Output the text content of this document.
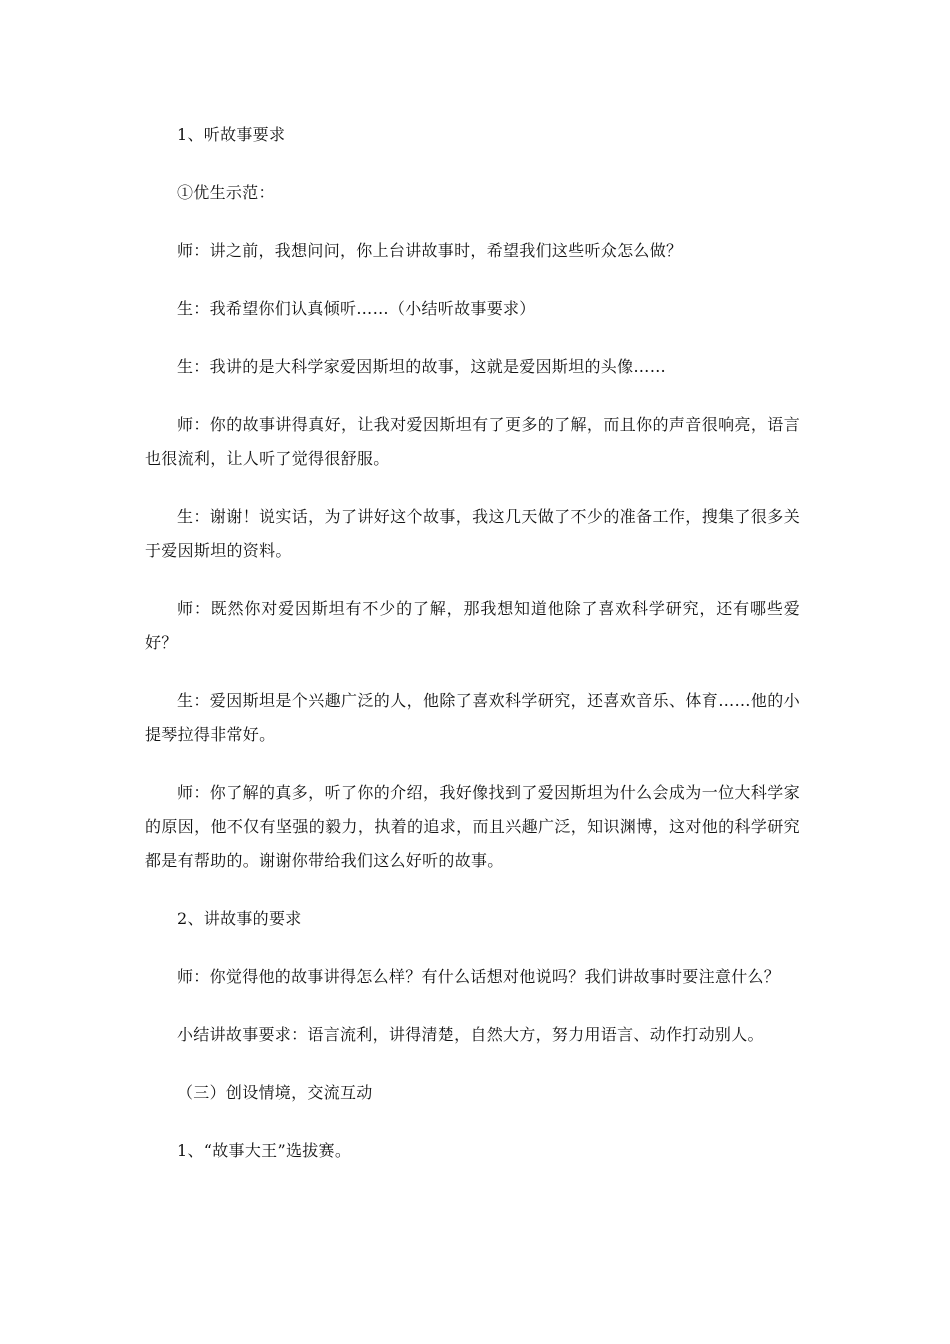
1、听故事要求

①优生示范：

师：讲之前，我想问问，你上台讲故事时，希望我们这些听众怎么做？

生：我希望你们认真倾听……（小结听故事要求）

生：我讲的是大科学家爱因斯坦的故事，这就是爱因斯坦的头像……

师：你的故事讲得真好，让我对爱因斯坦有了更多的了解，而且你的声音很响亮，语言也很流利，让人听了觉得很舒服。

生：谢谢！说实话，为了讲好这个故事，我这几天做了不少的准备工作，搜集了很多关于爱因斯坦的资料。

师：既然你对爱因斯坦有不少的了解，那我想知道他除了喜欢科学研究，还有哪些爱好？

生：爱因斯坦是个兴趣广泛的人，他除了喜欢科学研究，还喜欢音乐、体育……他的小提琴拉得非常好。

师：你了解的真多，听了你的介绍，我好像找到了爱因斯坦为什么会成为一位大科学家的原因，他不仅有坚强的毅力，执着的追求，而且兴趣广泛，知识渊博，这对他的科学研究都是有帮助的。谢谢你带给我们这么好听的故事。

2、讲故事的要求

师：你觉得他的故事讲得怎么样？有什么话想对他说吗？我们讲故事时要注意什么？

小结讲故事要求：语言流利，讲得清楚，自然大方，努力用语言、动作打动别人。

（三）创设情境，交流互动

1、“故事大王”选拔赛。
